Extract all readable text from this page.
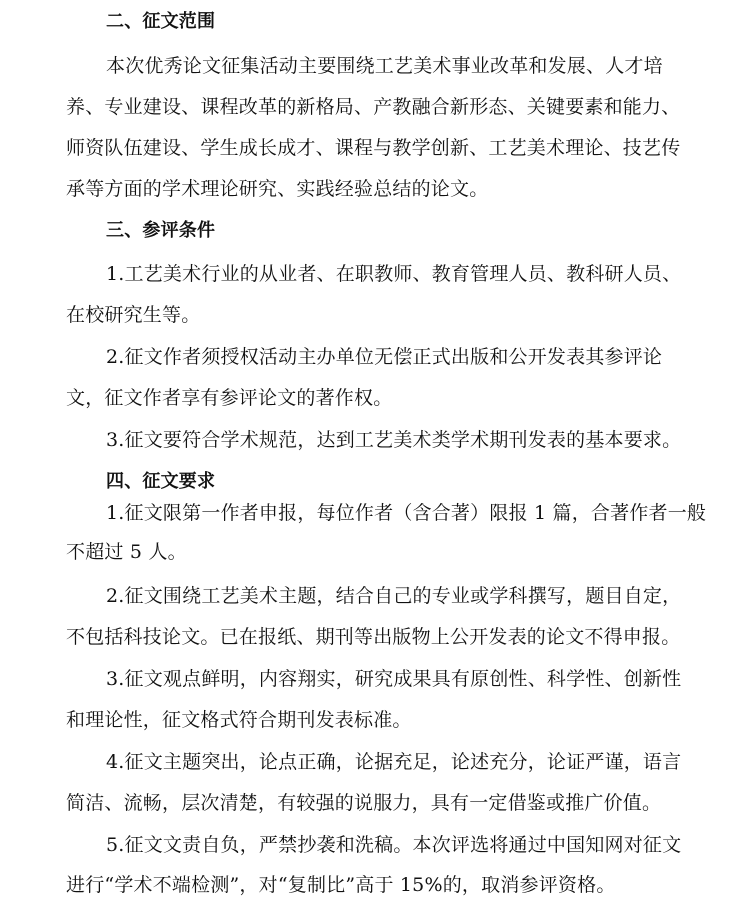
二、征文范围
本次优秀论文征集活动主要围绕工艺美术事业改革和发展、人才培
养、专业建设、课程改革的新格局、产教融合新形态、关键要素和能力、
师资队伍建设、学生成长成才、课程与教学创新、工艺美术理论、技艺传
承等方面的学术理论研究、实践经验总结的论文。
三、参评条件
1.工艺美术行业的从业者、在职教师、教育管理人员、教科研人员、
在校研究生等。
2.征文作者须授权活动主办单位无偿正式出版和公开发表其参评论
文，征文作者享有参评论文的著作权。
3.征文要符合学术规范，达到工艺美术类学术期刊发表的基本要求。
四、征文要求
1.征文限第一作者申报，每位作者（含合著）限报 1 篇，合著作者一般
不超过 5 人。
2.征文围绕工艺美术主题，结合自己的专业或学科撰写，题目自定，
不包括科技论文。已在报纸、期刊等出版物上公开发表的论文不得申报。
3.征文观点鲜明，内容翔实，研究成果具有原创性、科学性、创新性
和理论性，征文格式符合期刊发表标准。
4.征文主题突出，论点正确，论据充足，论述充分，论证严谨，语言
简洁、流畅，层次清楚，有较强的说服力，具有一定借鉴或推广价值。
5.征文文责自负，严禁抄袭和洗稿。本次评选将通过中国知网对征文
进行“学术不端检测”，对“复制比”高于 15%的，取消参评资格。
